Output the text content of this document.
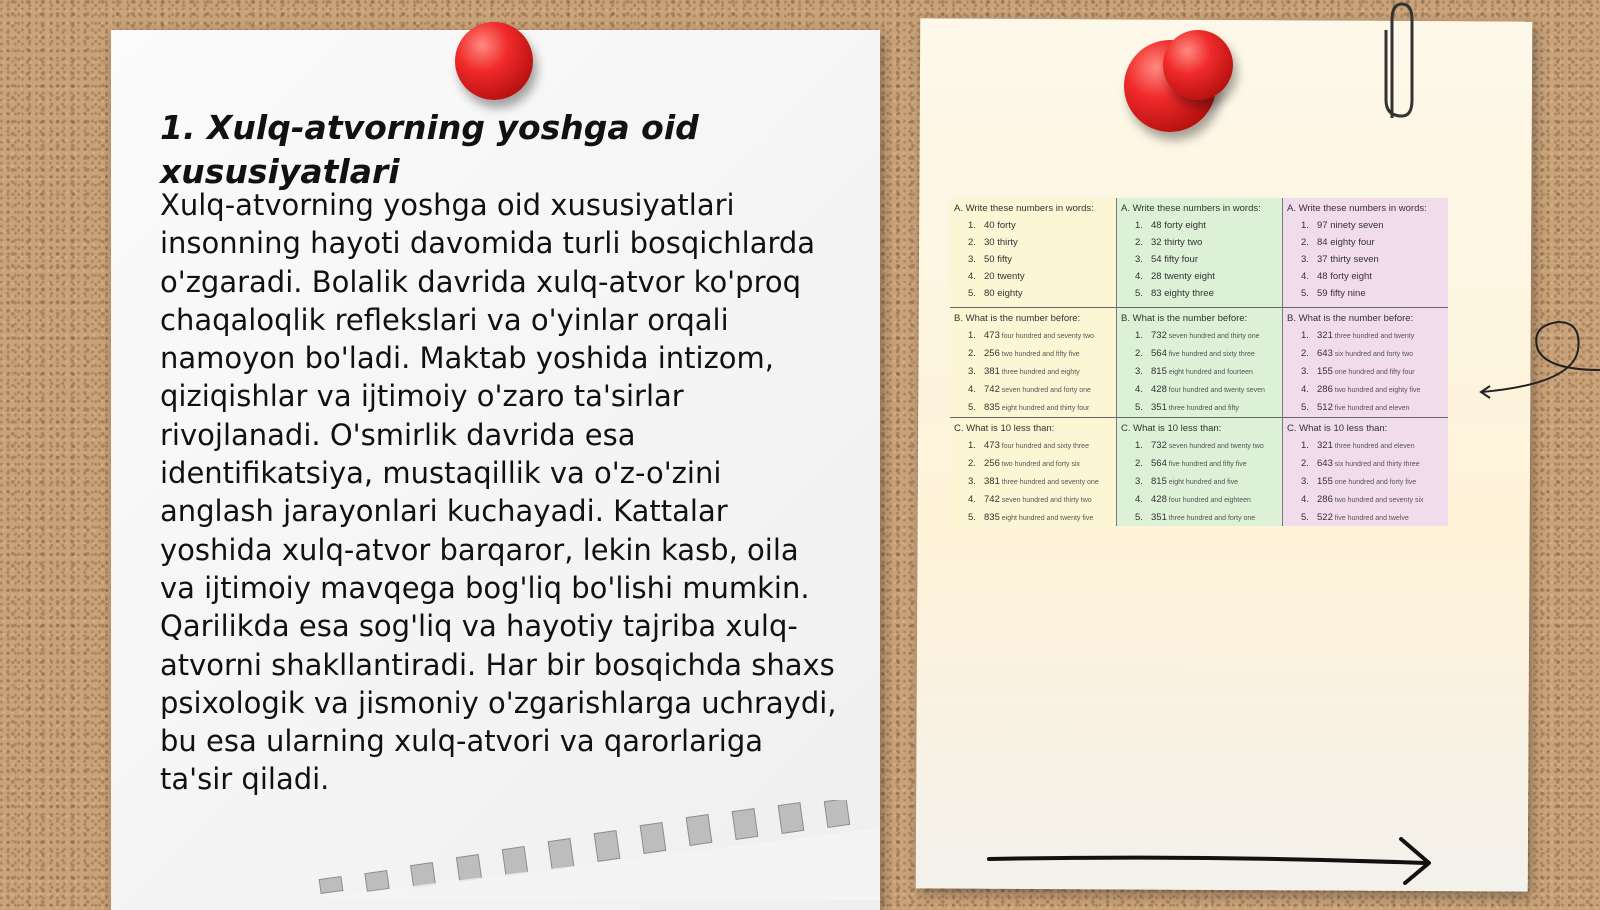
1. Xulq-atvorning yoshga oid xususiyatlari

Xulq-atvorning yoshga oid xususiyatlari insonning hayoti davomida turli bosqichlarda o'zgaradi. Bolalik davrida xulq-atvor ko'proq chaqaloqlik reflekslari va o'yinlar orqali namoyon bo'ladi. Maktab yoshida intizom, qiziqishlar va ijtimoiy o'zaro ta'sirlar rivojlanadi. O'smirlik davrida esa identifikatsiya, mustaqillik va o'z-o'zini anglash jarayonlari kuchayadi. Kattalar yoshida xulq-atvor barqaror, lekin kasb, oila va ijtimoiy mavqega bog'liq bo'lishi mumkin. Qarilikda esa sog'liq va hayotiy tajriba xulq-atvorni shakllantiradi. Har bir bosqichda shaxs psixologik va jismoniy o'zgarishlarga uchraydi, bu esa ularning xulq-atvori va qarorlariga ta'sir qiladi.

A. Write these numbers in words:
1. 40 forty
2. 30 thirty
3. 50 fifty
4. 20 twenty
5. 80 eighty
A. Write these numbers in words:
1. 48 forty eight
2. 32 thirty two
3. 54 fifty four
4. 28 twenty eight
5. 83 eighty three
A. Write these numbers in words:
1. 97 ninety seven
2. 84 eighty four
3. 37 thirty seven
4. 48 forty eight
5. 59 fifty nine
B. What is the number before:
1. 473 four hundred and seventy two
2. 256 two hundred and fifty five
3. 381 three hundred and eighty
4. 742 seven hundred and forty one
5. 835 eight hundred and thirty four
B. What is the number before:
1. 732 seven hundred and thirty one
2. 564 five hundred and sixty three
3. 815 eight hundred and fourteen
4. 428 four hundred and twenty seven
5. 351 three hundred and fifty
B. What is the number before:
1. 321 three hundred and twenty
2. 643 six hundred and forty two
3. 155 one hundred and fifty four
4. 286 two hundred and eighty five
5. 512 five hundred and eleven
C. What is 10 less than:
1. 473 four hundred and sixty three
2. 256 two hundred and forty six
3. 381 three hundred and seventy one
4. 742 seven hundred and thirty two
5. 835 eight hundred and twenty five
C. What is 10 less than:
1. 732 seven hundred and twenty two
2. 564 five hundred and fifty five
3. 815 eight hundred and five
4. 428 four hundred and eighteen
5. 351 three hundred and forty one
C. What is 10 less than:
1. 321 three hundred and eleven
2. 643 six hundred and thirty three
3. 155 one hundred and forty five
4. 286 two hundred and seventy six
5. 522 five hundred and twelve
